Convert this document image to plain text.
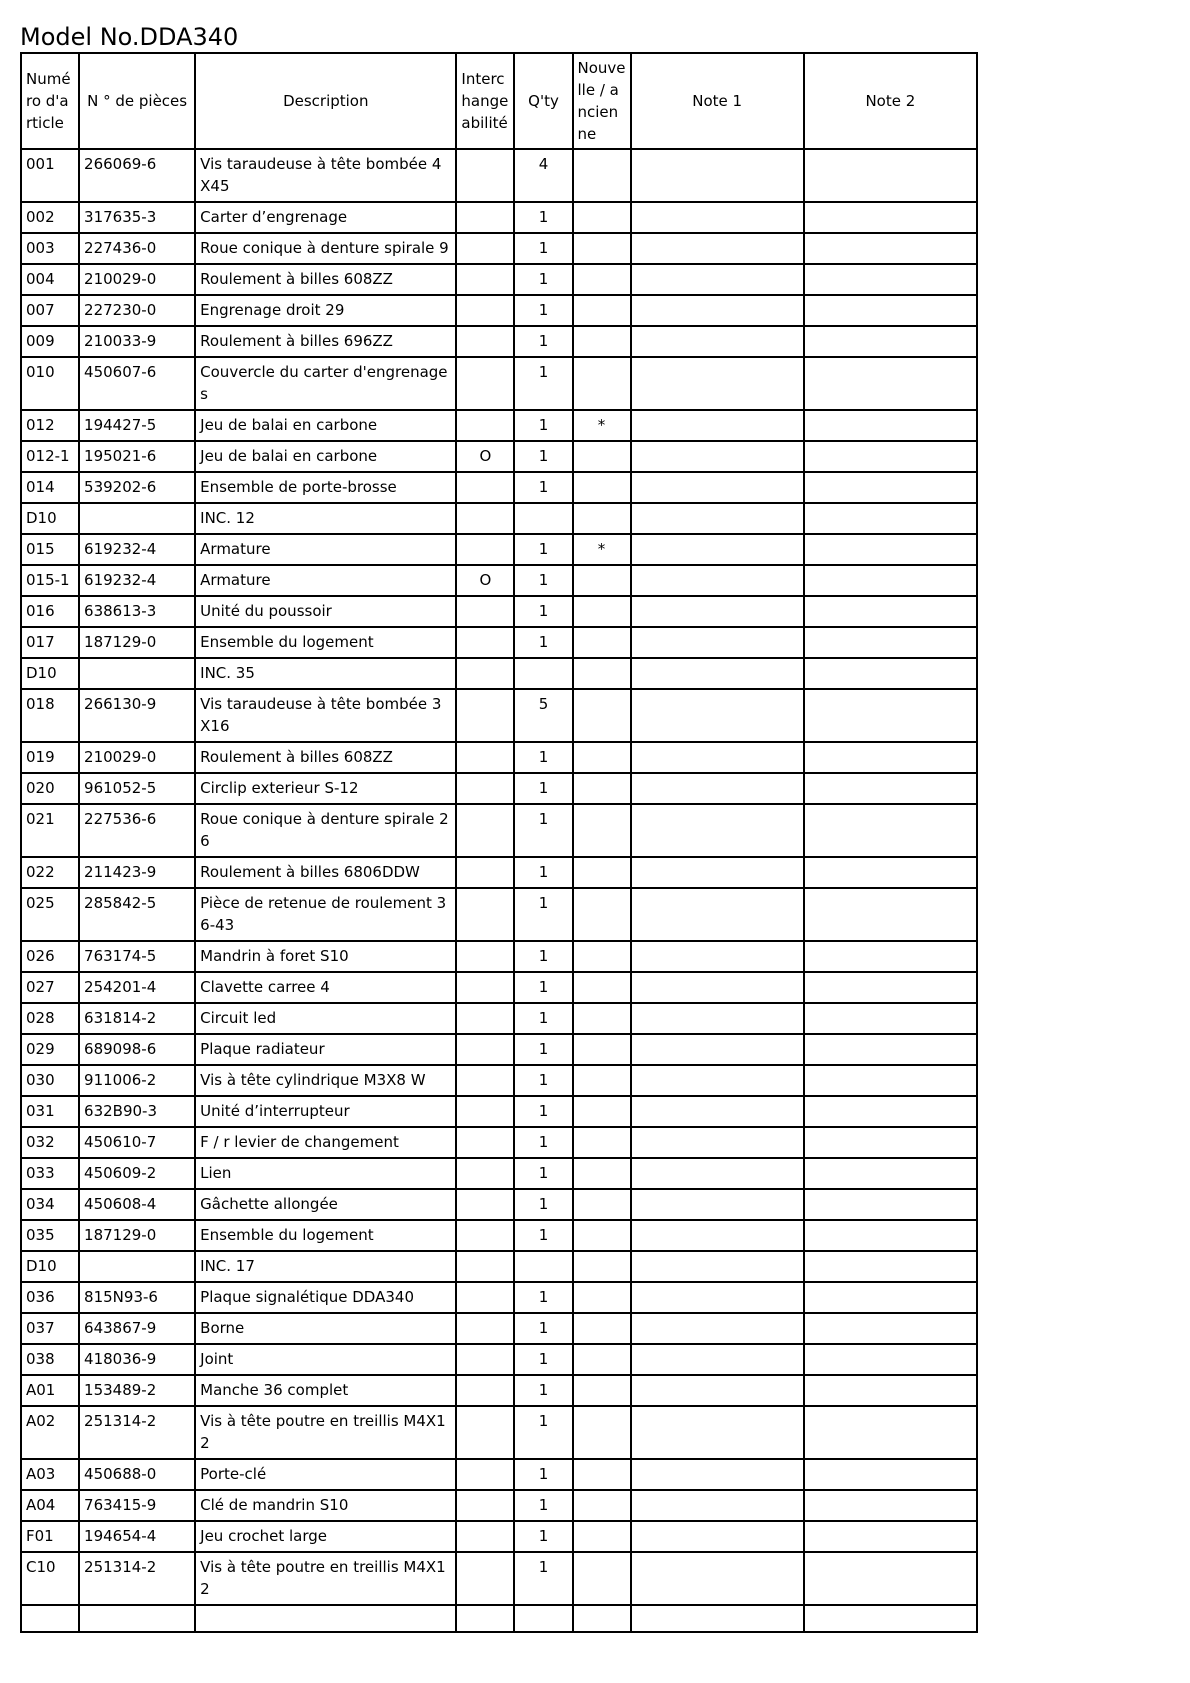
Model No.DDA340
Numéro d'article	N ° de pièces	Description	Interchangeabilité	Q'ty	Nouvelle / ancienne	Note 1	Note 2
001	266069-6	Vis taraudeuse à tête bombée 4X45		4			
002	317635-3	Carter d’engrenage		1			
003	227436-0	Roue conique à denture spirale 9		1			
004	210029-0	Roulement à billes 608ZZ		1			
007	227230-0	Engrenage droit 29		1			
009	210033-9	Roulement à billes 696ZZ		1			
010	450607-6	Couvercle du carter d'engrenages		1			
012	194427-5	Jeu de balai en carbone		1	*		
012-1	195021-6	Jeu de balai en carbone	O	1			
014	539202-6	Ensemble de porte-brosse		1			
D10		INC. 12					
015	619232-4	Armature		1	*		
015-1	619232-4	Armature	O	1			
016	638613-3	Unité du poussoir		1			
017	187129-0	Ensemble du logement		1			
D10		INC. 35					
018	266130-9	Vis taraudeuse à tête bombée 3X16		5			
019	210029-0	Roulement à billes 608ZZ		1			
020	961052-5	Circlip exterieur S-12		1			
021	227536-6	Roue conique à denture spirale 26		1			
022	211423-9	Roulement à billes 6806DDW		1			
025	285842-5	Pièce de retenue de roulement 36-43		1			
026	763174-5	Mandrin à foret S10		1			
027	254201-4	Clavette carree 4		1			
028	631814-2	Circuit led		1			
029	689098-6	Plaque radiateur		1			
030	911006-2	Vis à tête cylindrique M3X8 W		1			
031	632B90-3	Unité d’interrupteur		1			
032	450610-7	F / r levier de changement		1			
033	450609-2	Lien		1			
034	450608-4	Gâchette allongée		1			
035	187129-0	Ensemble du logement		1			
D10		INC. 17					
036	815N93-6	Plaque signalétique DDA340		1			
037	643867-9	Borne		1			
038	418036-9	Joint		1			
A01	153489-2	Manche 36 complet		1			
A02	251314-2	Vis à tête poutre en treillis M4X12		1			
A03	450688-0	Porte-clé		1			
A04	763415-9	Clé de mandrin S10		1			
F01	194654-4	Jeu crochet large		1			
C10	251314-2	Vis à tête poutre en treillis M4X12		1			
